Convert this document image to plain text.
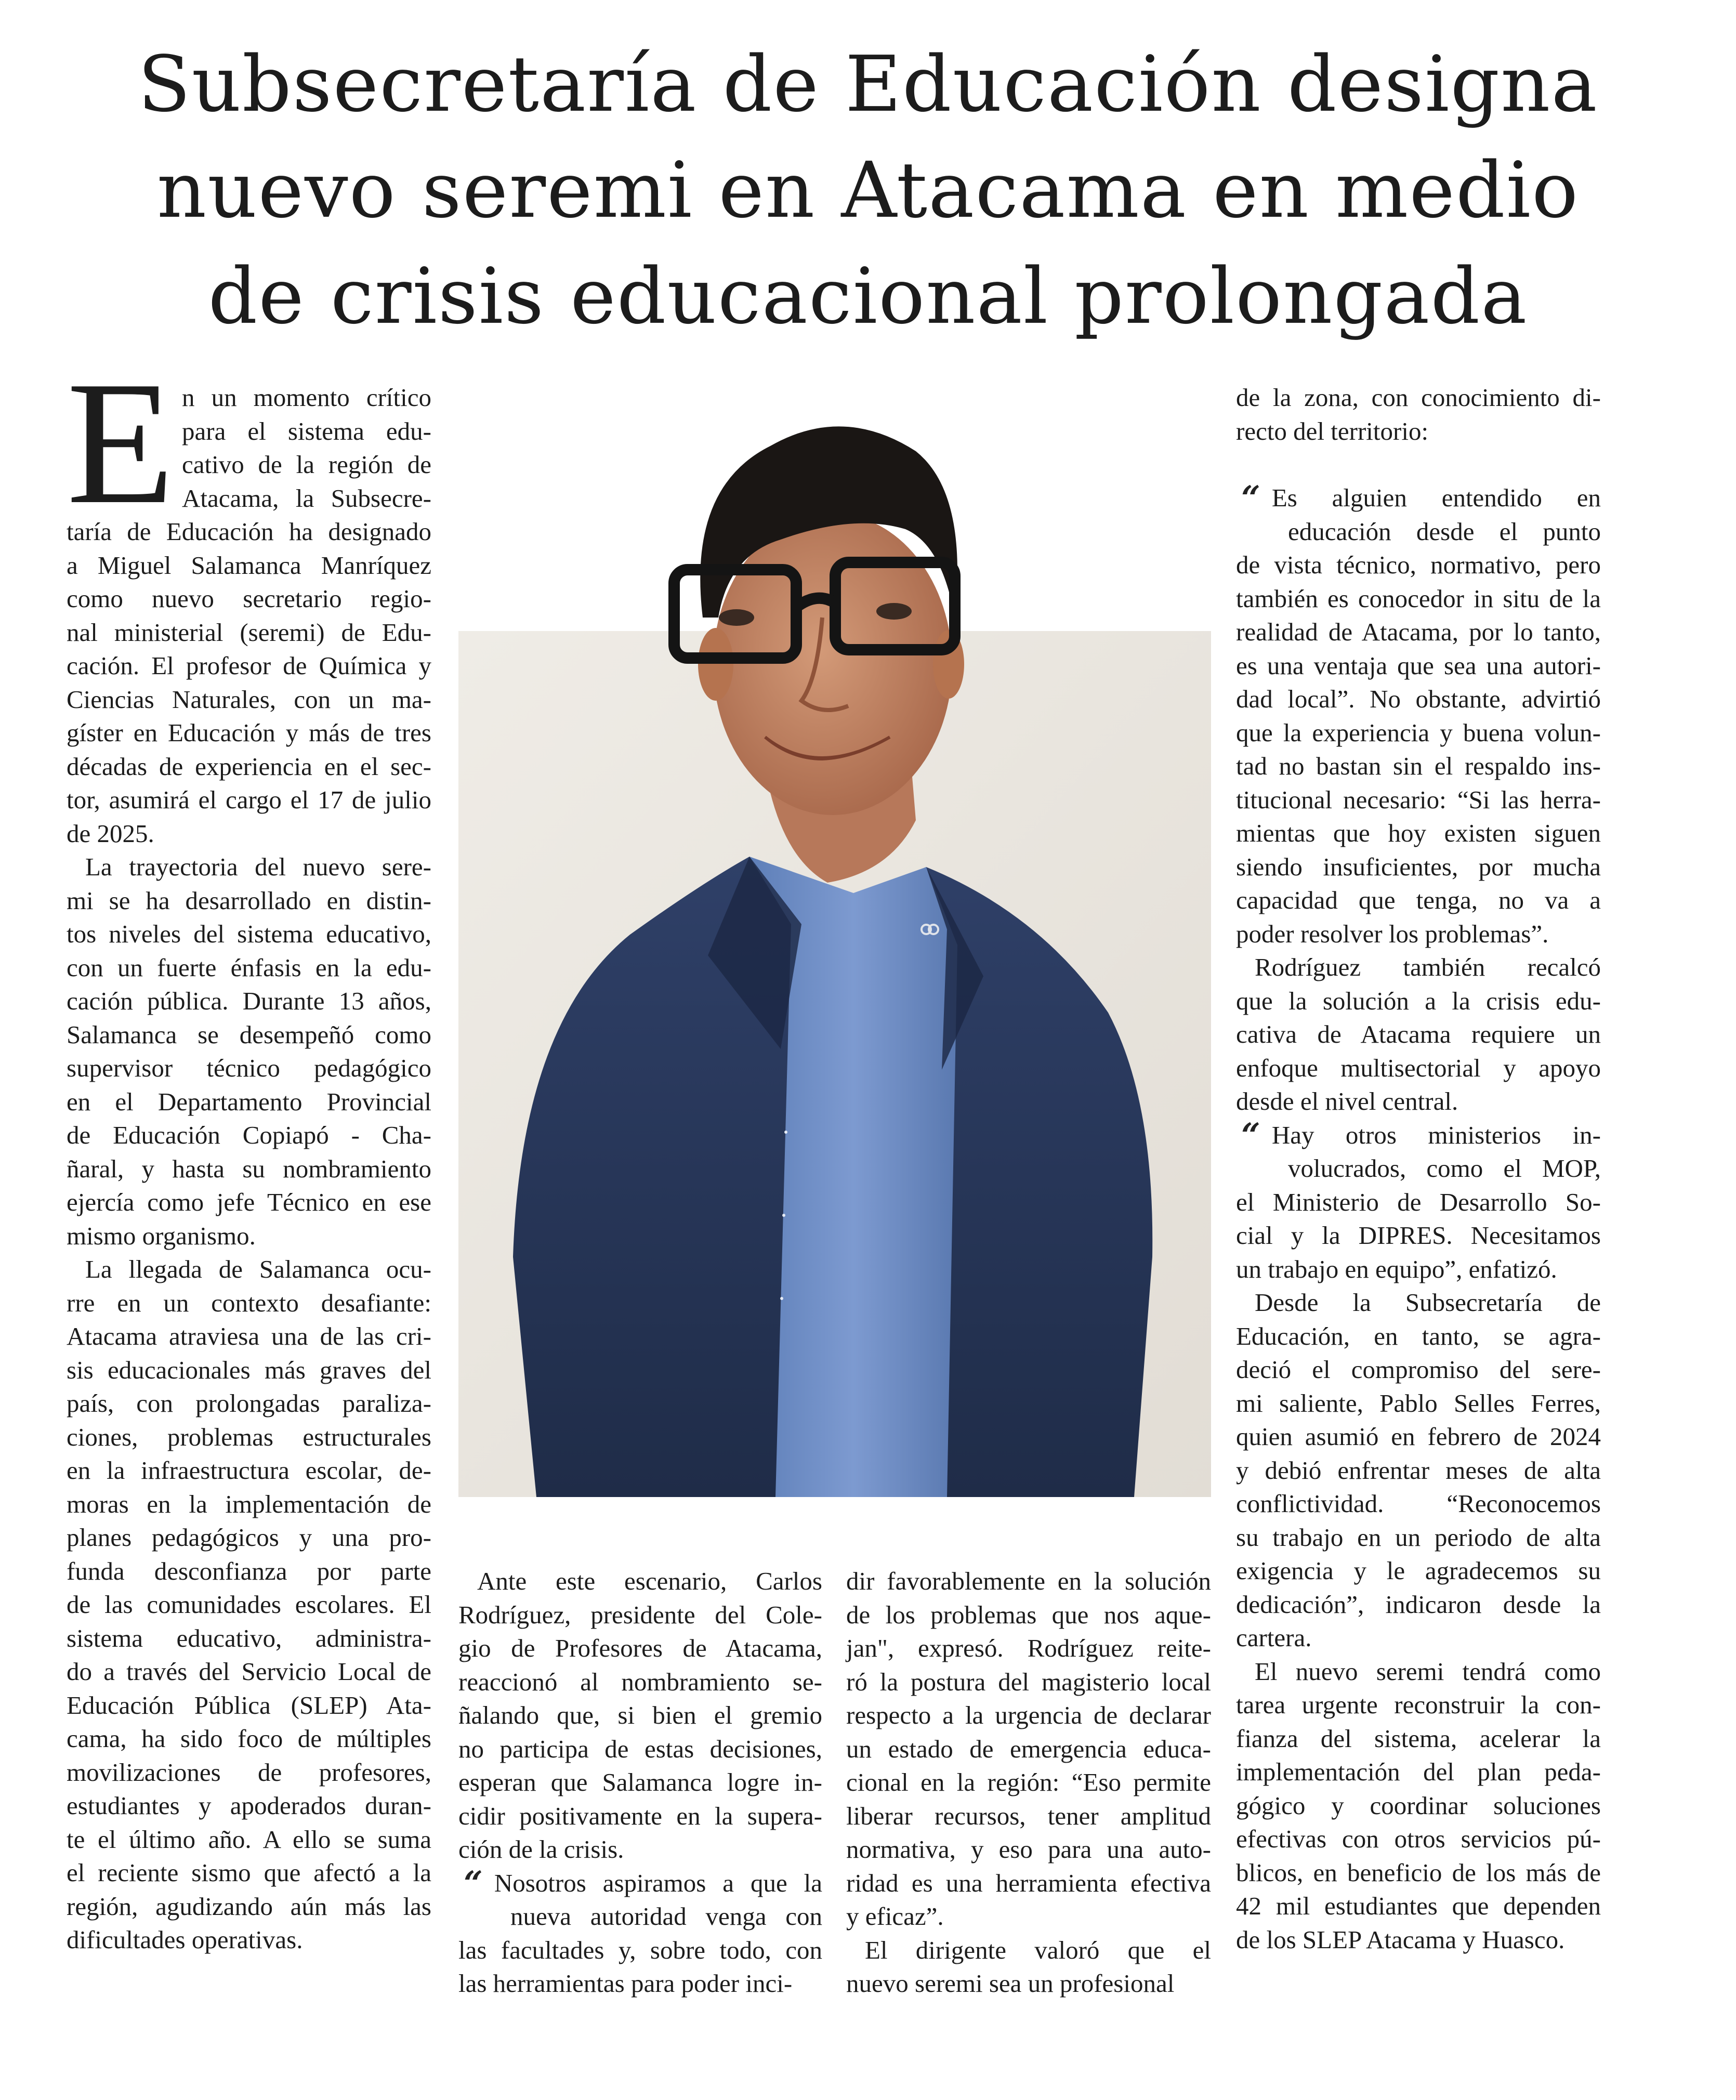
Subsecretaría de Educación designa
nuevo seremi en Atacama en medio
de crisis educacional prolongada
E n un momento crítico
para el sistema edu-
cativo de la región de
Atacama, la Subsecre-
taría de Educación ha designado
a Miguel Salamanca Manríquez
como nuevo secretario regio-
nal ministerial (seremi) de Edu-
cación. El profesor de Química y
Ciencias Naturales, con un ma-
gíster en Educación y más de tres
décadas de experiencia en el sec-
tor, asumirá el cargo el 17 de julio
de 2025.
La trayectoria del nuevo sere-
mi se ha desarrollado en distin-
tos niveles del sistema educativo,
con un fuerte énfasis en la edu-
cación pública. Durante 13 años,
Salamanca se desempeñó como
supervisor técnico pedagógico
en el Departamento Provincial
de Educación Copiapó - Cha-
ñaral, y hasta su nombramiento
ejercía como jefe Técnico en ese
mismo organismo.
La llegada de Salamanca ocu-
rre en un contexto desafiante:
Atacama atraviesa una de las cri-
sis educacionales más graves del
país, con prolongadas paraliza-
ciones, problemas estructurales
en la infraestructura escolar, de-
moras en la implementación de
planes pedagógicos y una pro-
funda desconfianza por parte
de las comunidades escolares. El
sistema educativo, administra-
do a través del Servicio Local de
Educación Pública (SLEP) Ata-
cama, ha sido foco de múltiples
movilizaciones de profesores,
estudiantes y apoderados duran-
te el último año. A ello se suma
el reciente sismo que afectó a la
región, agudizando aún más las
dificultades operativas.
Ante este escenario, Carlos
Rodríguez, presidente del Cole-
gio de Profesores de Atacama,
reaccionó al nombramiento se-
ñalando que, si bien el gremio
no participa de estas decisiones,
esperan que Salamanca logre in-
cidir positivamente en la supera-
ción de la crisis.
“ Nosotros aspiramos a que la
nueva autoridad venga con
las facultades y, sobre todo, con
las herramientas para poder inci-
dir favorablemente en la solución
de los problemas que nos aque-
jan", expresó. Rodríguez reite-
ró la postura del magisterio local
respecto a la urgencia de declarar
un estado de emergencia educa-
cional en la región: “Eso permite
liberar recursos, tener amplitud
normativa, y eso para una auto-
ridad es una herramienta efectiva
y eficaz”.
El dirigente valoró que el
nuevo seremi sea un profesional
de la zona, con conocimiento di-
recto del territorio:
“ Es alguien entendido en
educación desde el punto
de vista técnico, normativo, pero
también es conocedor in situ de la
realidad de Atacama, por lo tanto,
es una ventaja que sea una autori-
dad local”. No obstante, advirtió
que la experiencia y buena volun-
tad no bastan sin el respaldo ins-
titucional necesario: “Si las herra-
mientas que hoy existen siguen
siendo insuficientes, por mucha
capacidad que tenga, no va a
poder resolver los problemas”.
Rodríguez también recalcó
que la solución a la crisis edu-
cativa de Atacama requiere un
enfoque multisectorial y apoyo
desde el nivel central.
“ Hay otros ministerios in-
volucrados, como el MOP,
el Ministerio de Desarrollo So-
cial y la DIPRES. Necesitamos
un trabajo en equipo”, enfatizó.
Desde la Subsecretaría de
Educación, en tanto, se agra-
deció el compromiso del sere-
mi saliente, Pablo Selles Ferres,
quien asumió en febrero de 2024
y debió enfrentar meses de alta
conflictividad. “Reconocemos
su trabajo en un periodo de alta
exigencia y le agradecemos su
dedicación”, indicaron desde la
cartera.
El nuevo seremi tendrá como
tarea urgente reconstruir la con-
fianza del sistema, acelerar la
implementación del plan peda-
gógico y coordinar soluciones
efectivas con otros servicios pú-
blicos, en beneficio de los más de
42 mil estudiantes que dependen
de los SLEP Atacama y Huasco.
